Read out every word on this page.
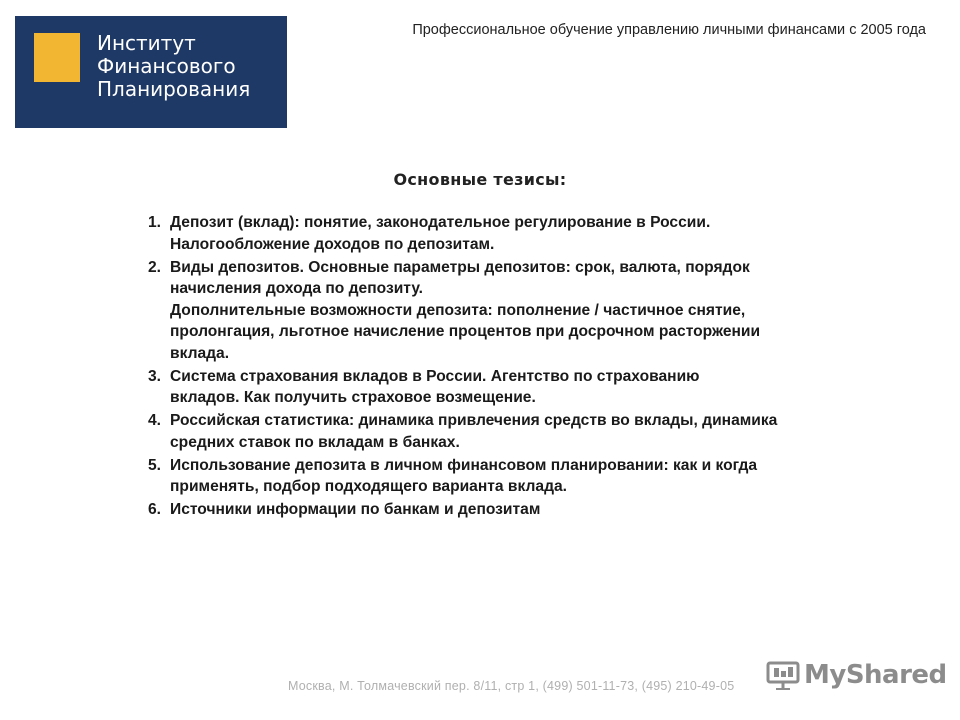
Институт
Финансового
Планирования
Профессиональное обучение управлению личными финансами с 2005 года
Основные тезисы:
1. Депозит (вклад): понятие, законодательное регулирование в России.
Налогообложение доходов по депозитам.
2. Виды депозитов. Основные параметры депозитов: срок, валюта, порядок
начисления дохода по депозиту.
Дополнительные возможности депозита: пополнение / частичное снятие,
пролонгация, льготное начисление процентов при досрочном расторжении
вклада.
3. Система страхования вкладов в России. Агентство по страхованию
вкладов. Как получить страховое возмещение.
4. Российская статистика: динамика привлечения средств во вклады, динамика
средних ставок по вкладам в банках.
5. Использование депозита в личном финансовом планировании: как и когда
применять, подбор подходящего варианта вклада.
6. Источники информации по банкам и депозитам
Москва, М. Толмачевский пер. 8/11, стр 1, (499) 501-11-73, (495) 210-49-05	MyShared
